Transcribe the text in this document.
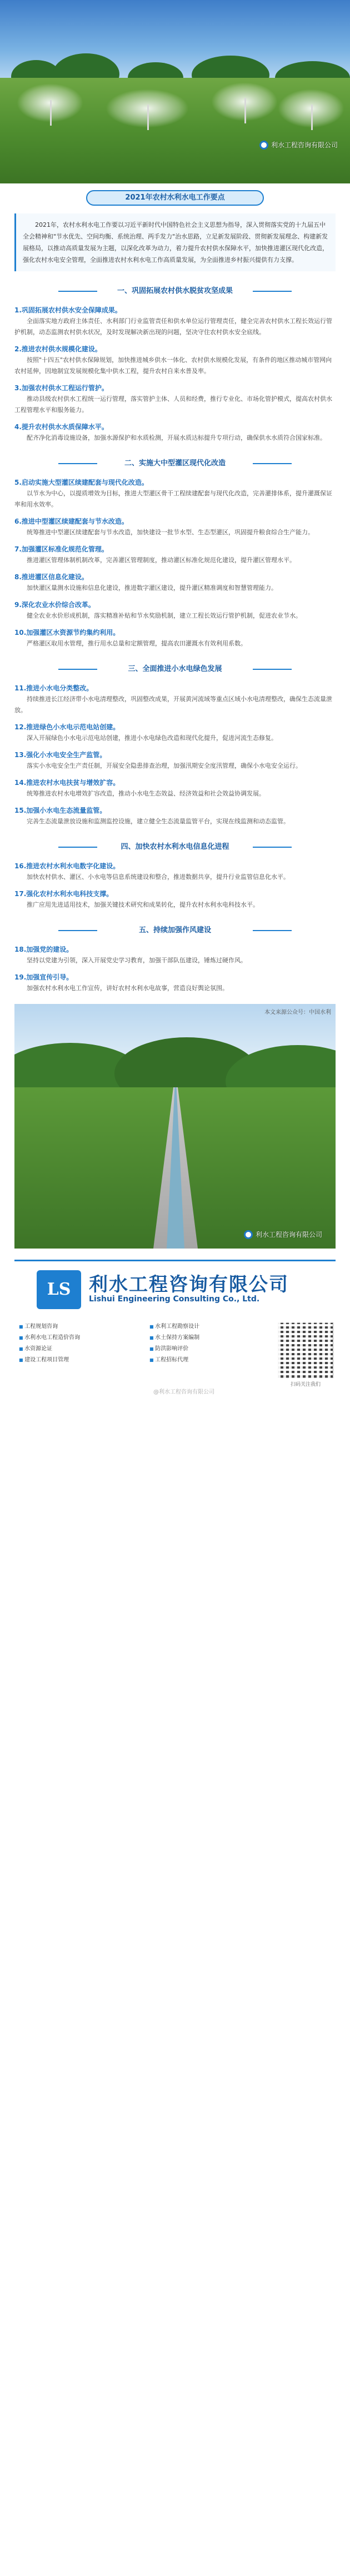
利水工程咨询有限公司
2021年农村水利水电工作要点
2021年，农村水利水电工作要以习近平新时代中国特色社会主义思想为指导，深入贯彻落实党的十九届五中全会精神和"节水优先、空间均衡、系统治理、两手发力"治水思路，立足新发展阶段、贯彻新发展理念、构建新发展格局，以推动高质量发展为主题，以深化改革为动力，着力提升农村供水保障水平，加快推进灌区现代化改造，强化农村水电安全管理，全面推进农村水利水电工作高质量发展，为全面推进乡村振兴提供有力支撑。
一、巩固拓展农村供水脱贫攻坚成果
1.巩固拓展农村供水安全保障成果。
全面落实地方政府主体责任、水利部门行业监管责任和供水单位运行管理责任，健全完善农村供水工程长效运行管护机制，动态监测农村供水状况，及时发现解决新出现的问题，坚决守住农村供水安全底线。
2.推进农村供水规模化建设。
按照"十四五"农村供水保障规划，加快推进城乡供水一体化、农村供水规模化发展，有条件的地区推动城市管网向农村延伸，因地制宜发展规模化集中供水工程，提升农村自来水普及率。
3.加强农村供水工程运行管护。
推动县级农村供水工程统一运行管理，落实管护主体、人员和经费，推行专业化、市场化管护模式，提高农村供水工程管理水平和服务能力。
4.提升农村供水水质保障水平。
配齐净化消毒设施设备，加强水源保护和水质检测，开展水质达标提升专项行动，确保供水水质符合国家标准。
二、实施大中型灌区现代化改造
5.启动实施大型灌区续建配套与现代化改造。
以节水为中心，以提质增效为目标，推进大型灌区骨干工程续建配套与现代化改造，完善灌排体系，提升灌溉保证率和用水效率。
6.推进中型灌区续建配套与节水改造。
统筹推进中型灌区续建配套与节水改造，加快建设一批节水型、生态型灌区，巩固提升粮食综合生产能力。
7.加强灌区标准化规范化管理。
推进灌区管理体制机制改革，完善灌区管理制度，推动灌区标准化规范化建设，提升灌区管理水平。
8.推进灌区信息化建设。
加快灌区量测水设施和信息化建设，推进数字灌区建设，提升灌区精准调度和智慧管理能力。
9.深化农业水价综合改革。
健全农业水价形成机制，落实精准补贴和节水奖励机制，建立工程长效运行管护机制，促进农业节水。
10.加强灌区水资源节约集约利用。
严格灌区取用水管理，推行用水总量和定额管理，提高农田灌溉水有效利用系数。
三、全面推进小水电绿色发展
11.推进小水电分类整改。
持续推进长江经济带小水电清理整改，巩固整改成果，开展黄河流域等重点区域小水电清理整改，确保生态流量泄放。
12.推进绿色小水电示范电站创建。
深入开展绿色小水电示范电站创建，推进小水电绿色改造和现代化提升，促进河流生态修复。
13.强化小水电安全生产监管。
落实小水电安全生产责任制，开展安全隐患排查治理，加强汛期安全度汛管理，确保小水电安全运行。
14.推进农村水电扶贫与增效扩容。
统筹推进农村水电增效扩容改造，推动小水电生态效益、经济效益和社会效益协调发展。
15.加强小水电生态流量监管。
完善生态流量泄放设施和监测监控设施，建立健全生态流量监管平台，实现在线监测和动态监管。
四、加快农村水利水电信息化进程
16.推进农村水利水电数字化建设。
加快农村供水、灌区、小水电等信息系统建设和整合，推进数据共享，提升行业监管信息化水平。
17.强化农村水利水电科技支撑。
推广应用先进适用技术，加强关键技术研究和成果转化，提升农村水利水电科技水平。
五、持续加强作风建设
18.加强党的建设。
坚持以党建为引领，深入开展党史学习教育，加强干部队伍建设，锤炼过硬作风。
19.加强宣传引导。
加强农村水利水电工作宣传，讲好农村水利水电故事，营造良好舆论氛围。
本文来源公众号：中国水利
利水工程咨询有限公司
LS 利水工程咨询有限公司
Lishui Engineering Consulting Co., Ltd.
■ 工程规划咨询	■ 水利工程勘察设计
■ 水利水电工程造价咨询	■ 水土保持方案编制
■ 水资源论证	■ 防洪影响评价
■ 建设工程项目管理	■ 工程招标代理
扫码关注我们
@利水工程咨询有限公司
